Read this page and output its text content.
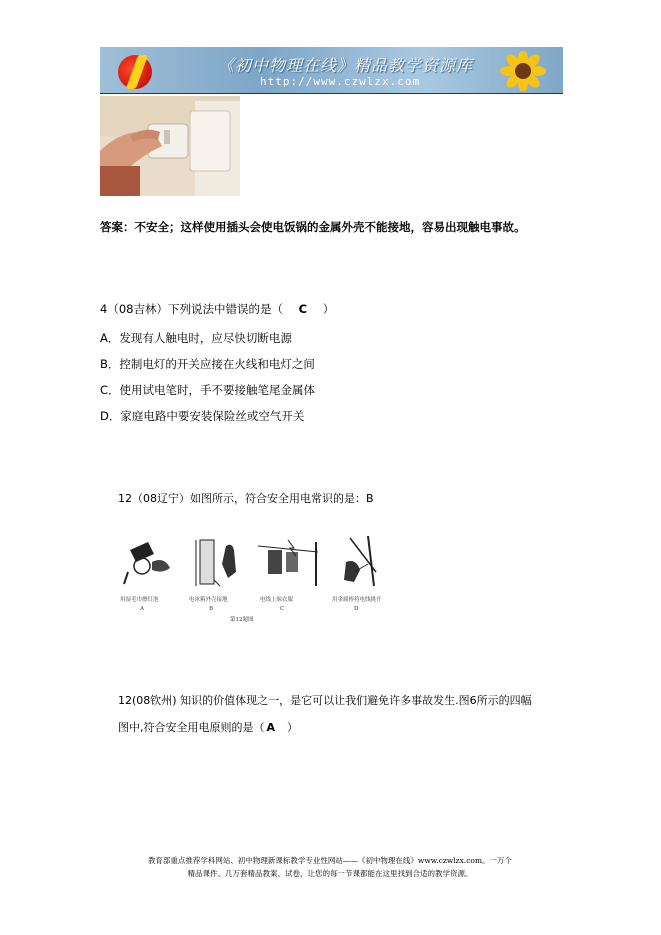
《初中物理在线》精品教学资源库
http://www.czwlzx.com
答案：不安全；这样使用插头会使电饭锅的金属外壳不能接地，容易出现触电事故。
4（08吉林）下列说法中错误的是（ C ）
A．发现有人触电时，应尽快切断电源
B．控制电灯的开关应接在火线和电灯之间
C．使用试电笔时，手不要接触笔尾金属体
D．家庭电路中要安装保险丝或空气开关
12（08辽宁）如图所示，符合安全用电常识的是：B
用湿毛巾擦灯泡	电冰箱外壳接地	电线上晾衣服	用金属棒将电线挑开
A	B	C	D
第12题图
12(08钦州) 知识的价值体现之一，是它可以让我们避免许多事故发生.图6所示的四幅
图中,符合安全用电原则的是（ A ）
教育部重点推荐学科网站、初中物理新课标教学专业性网站——《初中物理在线》www.czwlzx.com。一万个
精品课件、几万套精品教案、试卷，让您的每一节课都能在这里找到合适的教学资源。
